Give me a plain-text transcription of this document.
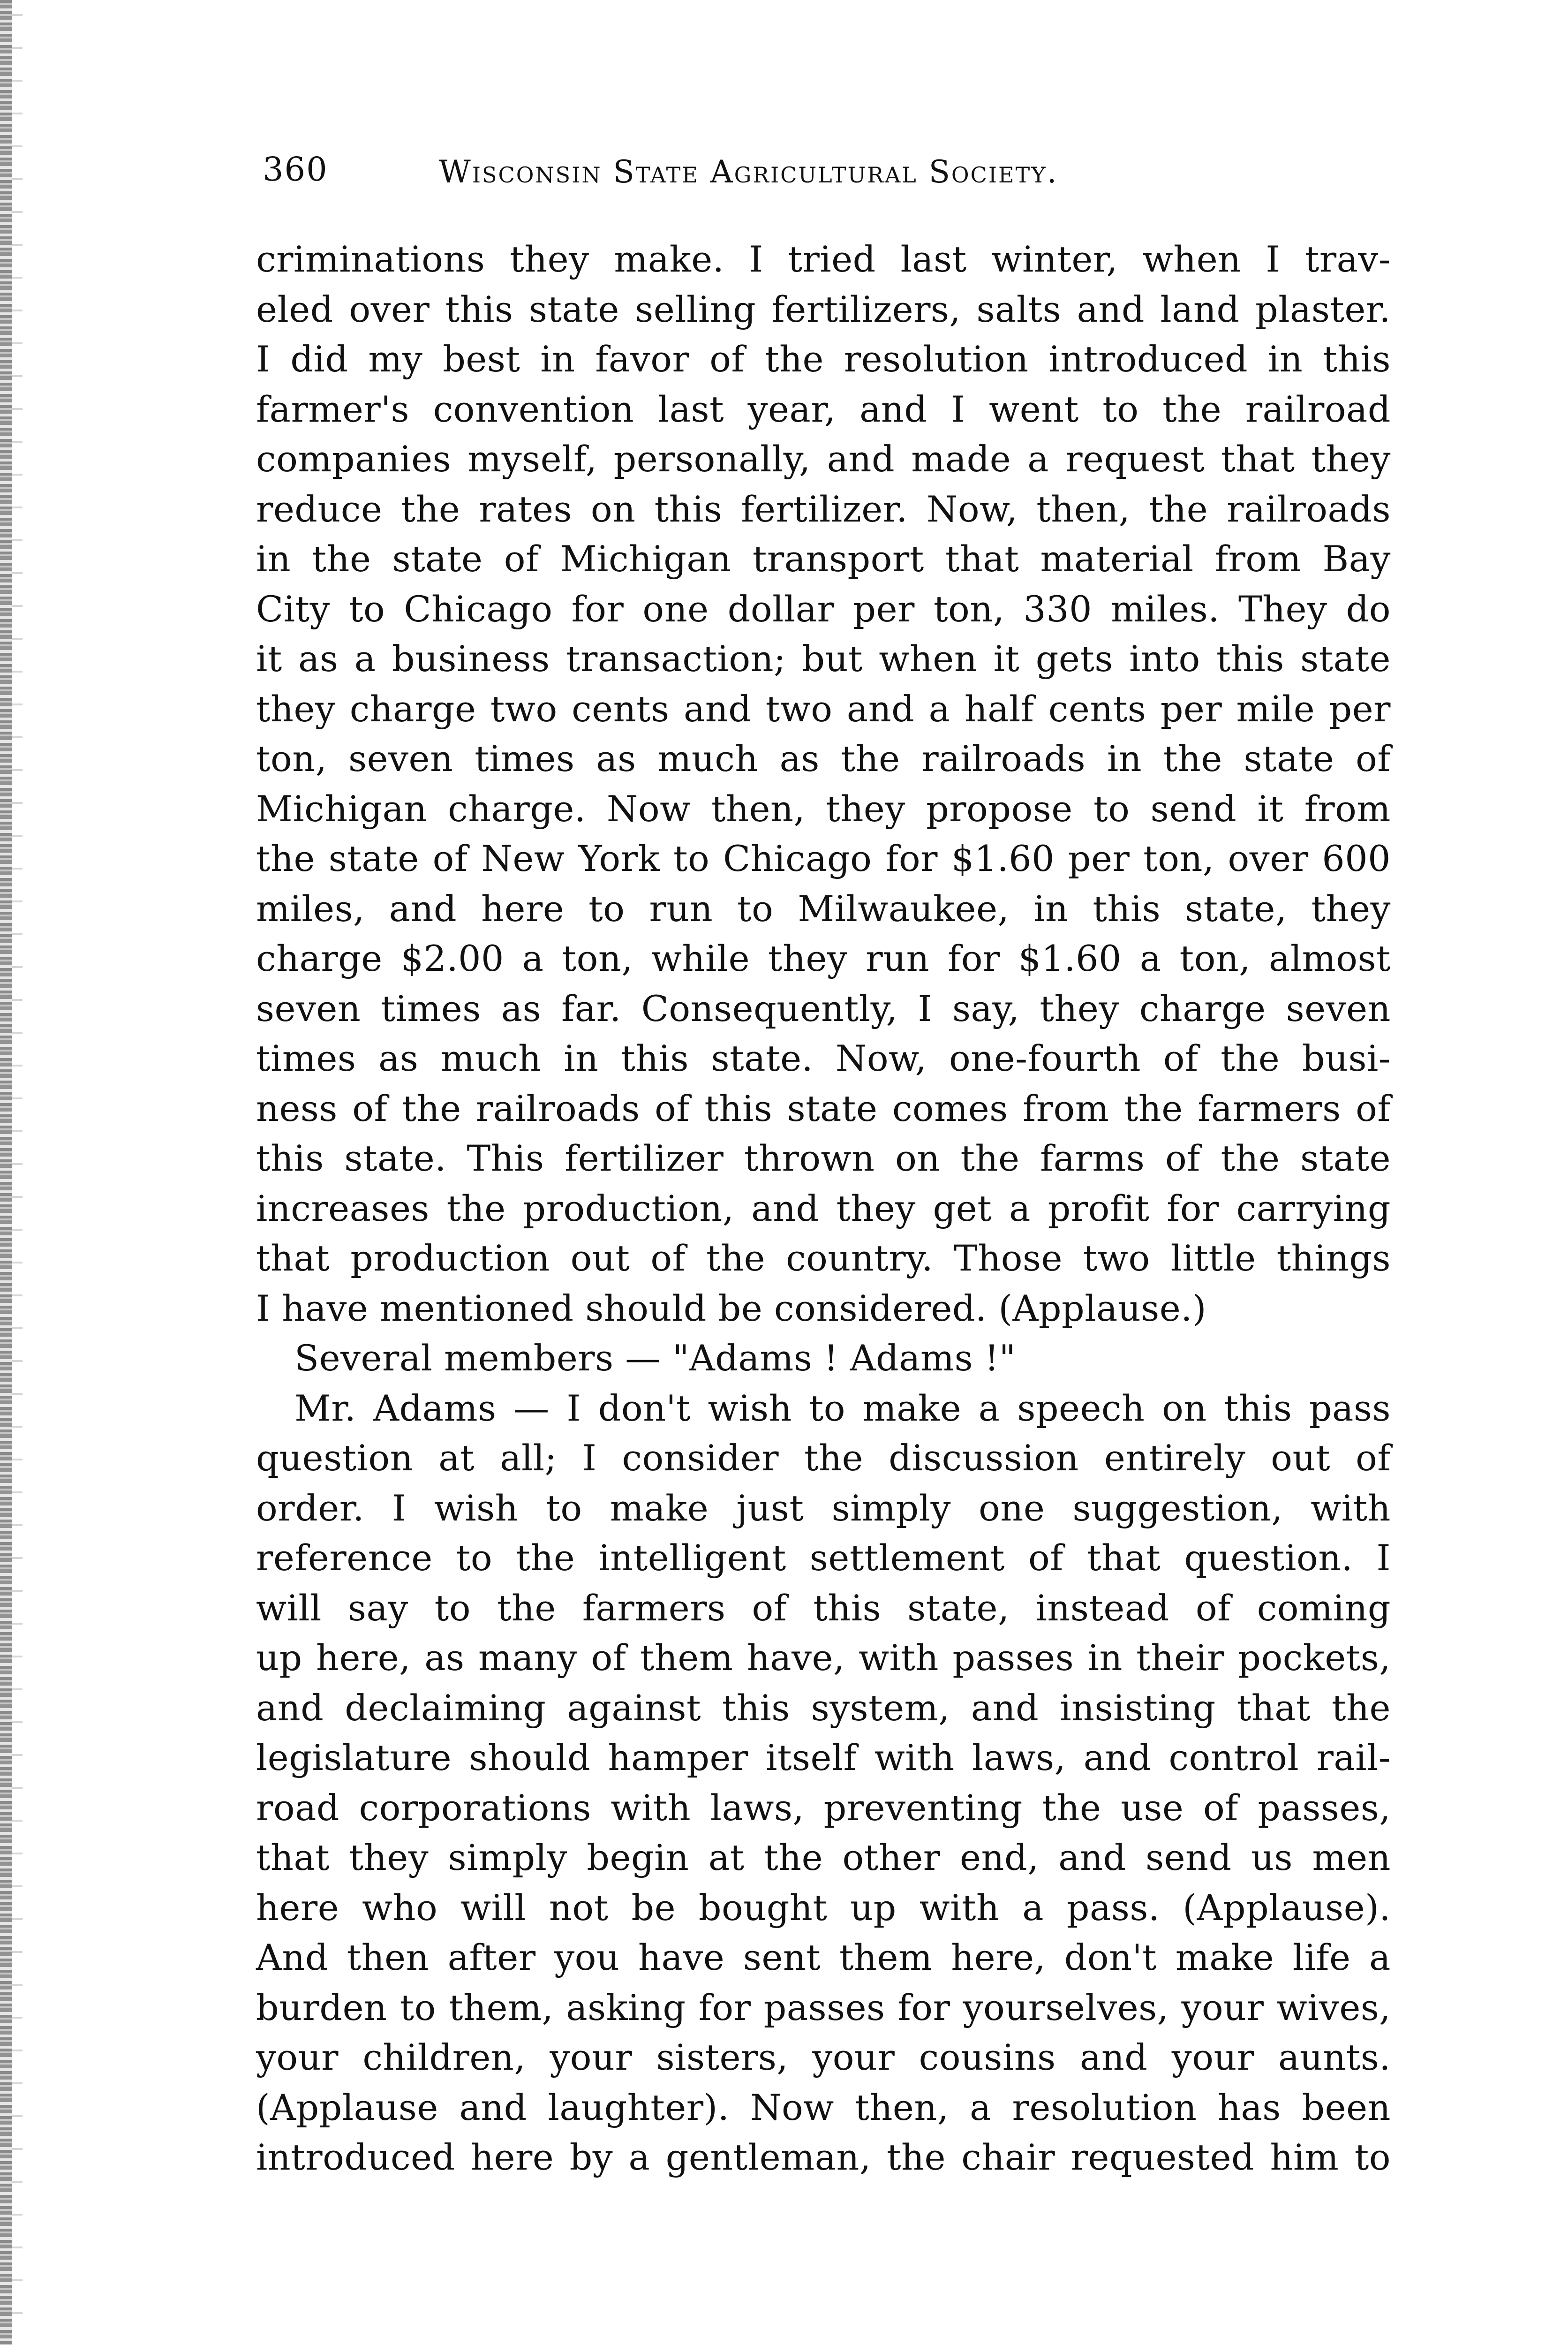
360	Wisconsin State Agricultural Society.
criminations they make. I tried last winter, when I trav-
eled over this state selling fertilizers, salts and land plaster.
I did my best in favor of the resolution introduced in this
farmer's convention last year, and I went to the railroad
companies myself, personally, and made a request that they
reduce the rates on this fertilizer. Now, then, the railroads
in the state of Michigan transport that material from Bay
City to Chicago for one dollar per ton, 330 miles. They do
it as a business transaction; but when it gets into this state
they charge two cents and two and a half cents per mile per
ton, seven times as much as the railroads in the state of
Michigan charge. Now then, they propose to send it from
the state of New York to Chicago for $1.60 per ton, over 600
miles, and here to run to Milwaukee, in this state, they
charge $2.00 a ton, while they run for $1.60 a ton, almost
seven times as far. Consequently, I say, they charge seven
times as much in this state. Now, one-fourth of the busi-
ness of the railroads of this state comes from the farmers of
this state. This fertilizer thrown on the farms of the state
increases the production, and they get a profit for carrying
that production out of the country. Those two little things
I have mentioned should be considered. (Applause.)
Several members — "Adams ! Adams !"
Mr. Adams — I don't wish to make a speech on this pass
question at all; I consider the discussion entirely out of
order. I wish to make just simply one suggestion, with
reference to the intelligent settlement of that question. I
will say to the farmers of this state, instead of coming
up here, as many of them have, with passes in their pockets,
and declaiming against this system, and insisting that the
legislature should hamper itself with laws, and control rail-
road corporations with laws, preventing the use of passes,
that they simply begin at the other end, and send us men
here who will not be bought up with a pass. (Applause).
And then after you have sent them here, don't make life a
burden to them, asking for passes for yourselves, your wives,
your children, your sisters, your cousins and your aunts.
(Applause and laughter). Now then, a resolution has been
introduced here by a gentleman, the chair requested him to
